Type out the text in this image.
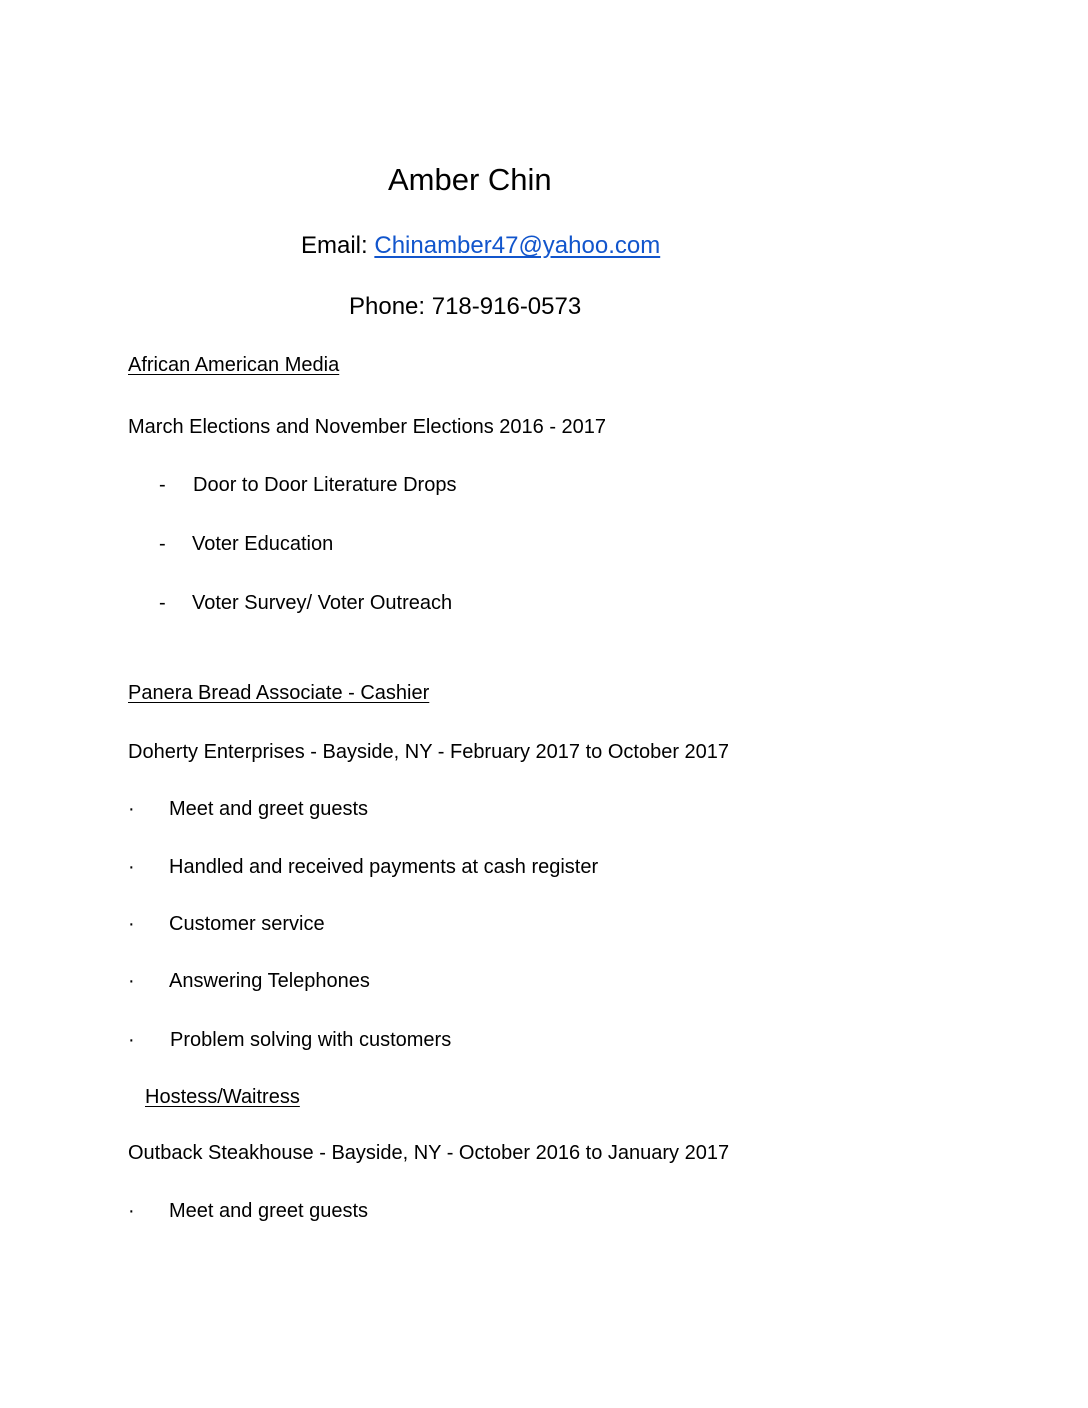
Amber Chin
Email: Chinamber47@yahoo.com
Phone: 718-916-0573
African American Media
March Elections and November Elections 2016 - 2017
- Door to Door Literature Drops
- Voter Education
- Voter Survey/ Voter Outreach
Panera Bread Associate - Cashier
Doherty Enterprises - Bayside, NY - February 2017 to October 2017
· Meet and greet guests
· Handled and received payments at cash register
· Customer service
· Answering Telephones
· Problem solving with customers
Hostess/Waitress
Outback Steakhouse - Bayside, NY - October 2016 to January 2017
· Meet and greet guests
